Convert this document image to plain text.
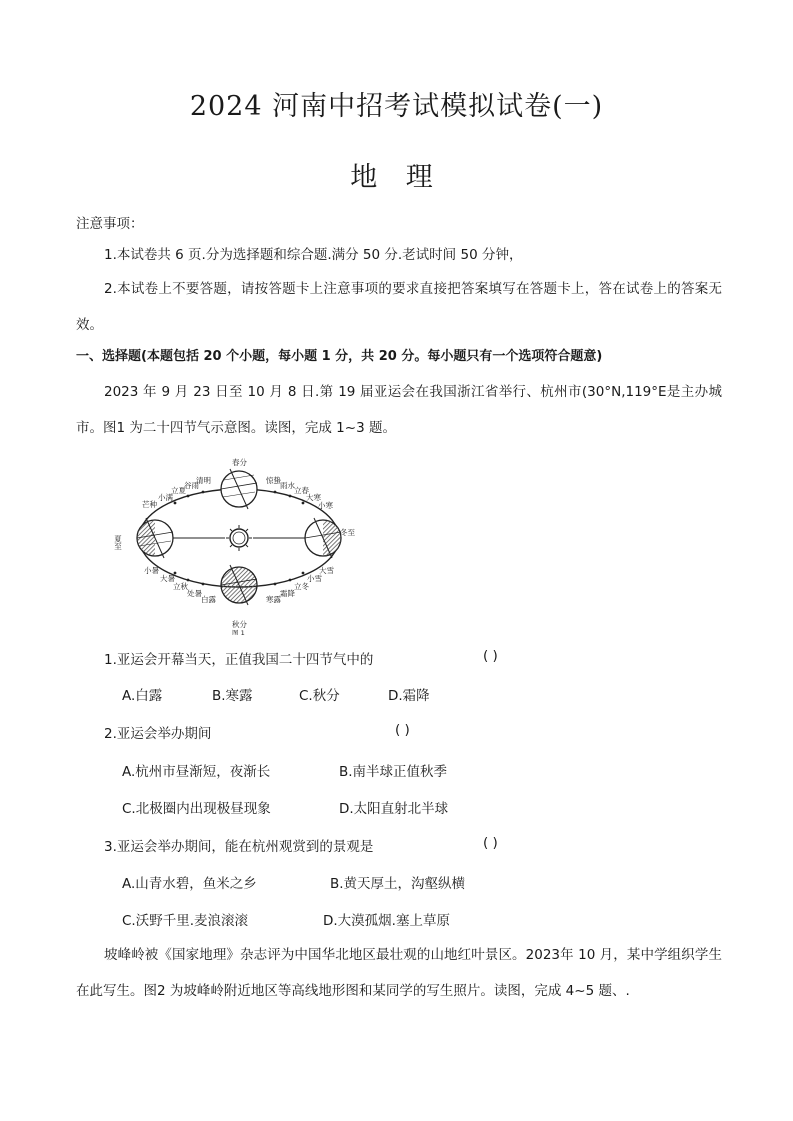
2024 河南中招考试模拟试卷(一)
地 理
注意事项：
1.本试卷共 6 页.分为选择题和综合题.满分 50 分.老试时间 50 分钟，
2.本试卷上不要答题，请按答题卡上注意事项的要求直接把答案填写在答题卡上，答在试卷上的答案无效。
一、选择题(本题包括 20 个小题，每小题 1 分，共 20 分。每小题只有一个选项符合题意)
2023 年 9 月 23 日至 10 月 8 日.第 19 届亚运会在我国浙江省举行、杭州市(30°N,119°E是主办城市。图1 为二十四节气示意图。读图，完成 1~3 题。
春分
秋分
夏至
冬至
清明
谷雨
立夏
小满
芒种
惊蛰
雨水
立春
大寒
小寒
小暑
大暑
立秋
处暑
白露	寒露
霜降
立冬
小雪
大雪
图 1
1.亚运会开幕当天，正值我国二十四节气中的	( )
A.白露	B.寒露	C.秋分	D.霜降
2.亚运会举办期间	( )
A.杭州市昼渐短，夜渐长	B.南半球正值秋季
C.北极圈内出现极昼现象	D.太阳直射北半球
3.亚运会举办期间，能在杭州观赏到的景观是	( )
A.山青水碧，鱼米之乡	B.黄天厚土，沟壑纵横
C.沃野千里.麦浪滚滚	D.大漠孤烟.塞上草原
坡峰岭被《国家地理》杂志评为中国华北地区最壮观的山地红叶景区。2023年 10 月，某中学组织学生在此写生。图2 为坡峰岭附近地区等高线地形图和某同学的写生照片。读图，完成 4~5 题、.
